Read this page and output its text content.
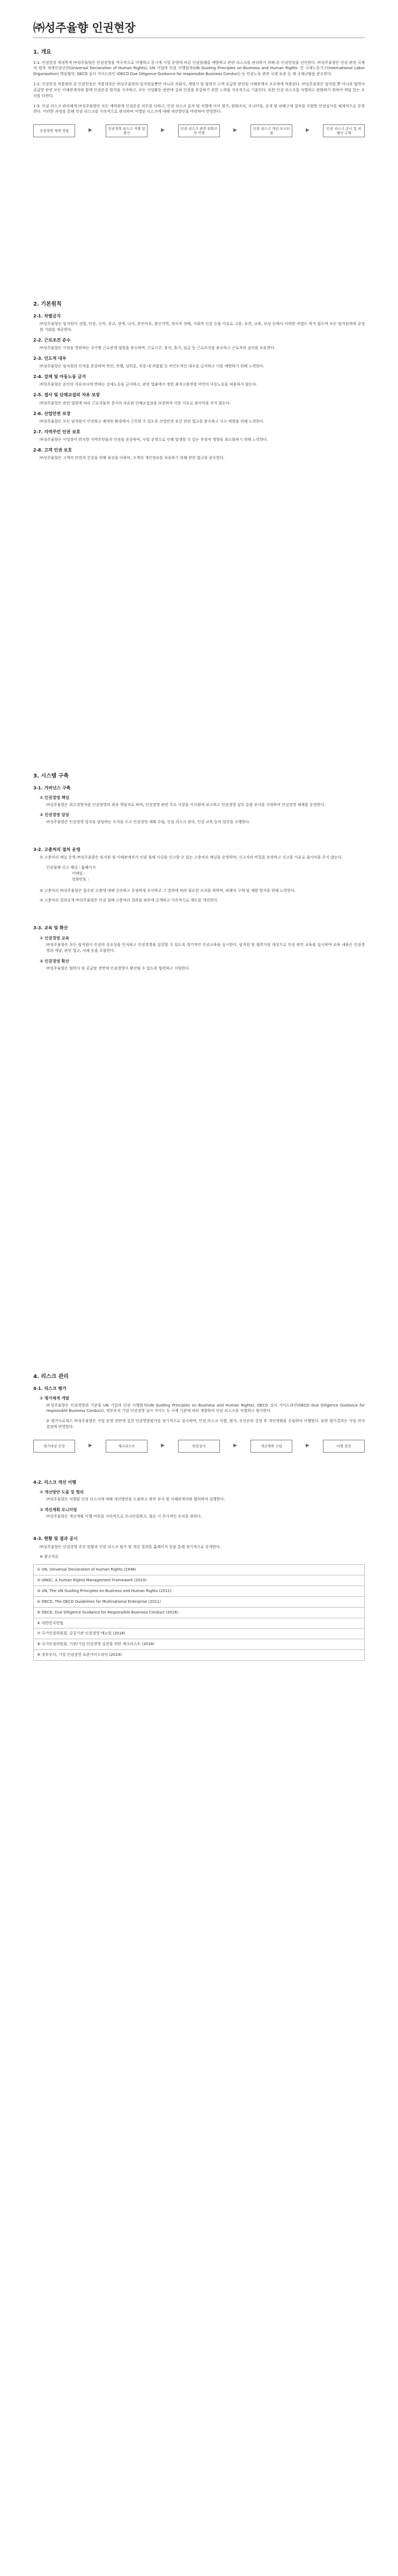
㈜성주율향 인권현장
1. 개요

1-1. 인권헌장 제정목적 ㈜성주율향은 인권경영을 적극적으로 이행하고 동시에 사업 운영에 따른 인권침해를 예방하고 관련 리스크를 관리하기 위해 본 인권헌장을 선언한다. ㈜성주율향은 인권 관련 국제적 원칙 세계인권선언(Universal Declaration of Human Rights), UN 기업과 인권 이행원칙(UN Guiding Principles on Business and Human Rights: 등 국제노동기구(International Labor Organization) 핵심협약, OECD 실사 가이드라인 (OECD Due Diligence Guidance for responsible Business Conduct) 등 인권노동 관련 국제 표준 등 제 국제규범을 준수한다.

1-2. 인권헌장 적용범위 본 인권헌장은 적용대상은 ㈜성주율향의 임직원들뿐만 아니라 자회사, 계열사 및 협력사 고객 공급망 관련된 이해관계자 모두에게 적용된다. ㈜성주율향은 임직원 뿐 아니라 협력사 공급망 관련 모든 이해관계자와 함께 인권존중 원칙을 지지하고, 모든 사업활동 전반에 걸쳐 인권을 존중하기 위한 노력을 지속적으로 기울인다. 또한 인권 리스크를 식별하고 완화하기 위하여 책임 있는 조치를 다한다.

1-3. 인권 리스크 관리체계 ㈜성주율향은 모든 계약관계 인권존중 의무를 다하고, 인권 리스크 분석 및 식별에 이어 평가, 완화조치, 모니터링, 공개 및 피해구제 절차를 포함한 인권실사를 체계적으로 운영한다. 이러한 과정을 통해 인권 리스크를 지속적으로 관리하며 식별된 리스크에 대해 개선방안을 마련하여 반영한다.

인권경영 체계 정립	▶	인권경영 리스크 식별 및 평가	▶	인권 리스크 관련 완화조치 이행	▶	인권 리스크 개선 모니터링	▶	인권 리스크 공시 및 피해자 구제
2. 기본원칙
2-1. 차별금지

㈜성주율향은 임직원이 성별, 인종, 국적, 종교, 장애, 나이, 혼인여부, 출신지역, 정치적 견해, 사회적 신분 등을 이유로 고용, 승진, 교육, 보상 등에서 어떠한 차별도 하지 않으며 모든 임직원에게 공정한 기회를 제공한다.

2-2. 근로조건 준수

㈜성주율향은 사업을 영위하는 국가별 근로관계 법령을 준수하며, 근로시간, 휴식, 휴가, 임금 등 근로조건을 준수하고 근로자의 권리를 보호한다.

2-3. 인도적 대우

㈜성주율향은 임직원의 인격을 존중하며 폭언, 폭행, 성희롱, 직장 내 괴롭힘 등 비인도적인 대우를 금지하고 이를 예방하기 위해 노력한다.

2-4. 강제 및 아동노동 금지

㈜성주율향은 본인의 자유의사에 반하는 강제노동을 금지하고, 관련 법률에서 정한 최저고용연령 미만의 아동노동을 허용하지 않는다.

2-5. 결사 및 단체교섭의 자유 보장

㈜성주율향은 관련 법령에 따라 근로자들의 결사의 자유와 단체교섭권을 보장하며 이를 이유로 불이익을 주지 않는다.

2-6. 산업안전 보장

㈜성주율향은 모든 임직원이 안전하고 쾌적한 환경에서 근무할 수 있도록 산업안전 보건 관련 법규를 준수하고 사고 예방을 위해 노력한다.

2-7. 지역주민 인권 보호

㈜성주율향은 사업장이 위치한 지역주민들의 인권을 존중하며, 사업 운영으로 인해 발생할 수 있는 부정적 영향을 최소화하기 위해 노력한다.

2-8. 고객 인권 보호

㈜성주율향은 고객의 안전과 건강을 위해 최선을 다하며, 고객의 개인정보를 보호하기 위해 관련 법규를 준수한다.

3. 시스템 구축
3-1. 거버넌스 구축
① 인권경영 책임

㈜성주율향은 최고경영자를 인권경영의 최종 책임자로 하며, 인권경영 관련 주요 사항을 이사회에 보고하고 인권경영 실무 총괄 부서를 지정하여 인권경영 체계를 운영한다.

② 인권경영 담당

㈜성주율향은 인권경영 업무를 담당하는 조직을 두고 인권경영 계획 수립, 인권 리스크 관리, 인권 교육 등의 업무를 수행한다.

3-2. 고충처리 절차 운영

① 고충처리 채널 운영 ㈜성주율향은 임직원 및 이해관계자가 인권 침해 사실을 신고할 수 있는 고충처리 채널을 운영하며, 신고자의 비밀을 보장하고 신고를 이유로 불이익을 주지 않는다.

인권침해 신고 채널 : 홈페이지
이메일 :
전화번호 :

② 고충처리 ㈜성주율향은 접수된 고충에 대해 신속하고 공정하게 조사하고 그 결과에 따라 필요한 조치를 취하며, 피해자 구제 및 재발 방지를 위해 노력한다.

③ 고충처리 결과공개 ㈜성주율향은 인권 침해 고충처리 결과를 외부에 공개하고 지속적으로 제도를 개선한다.

3-3. 교육 및 확산
① 인권경영 교육

㈜성주율향은 모든 임직원이 인권의 중요성을 인식하고 인권경영을 실천할 수 있도록 정기적인 인권교육을 실시한다. 임직원 및 협력사를 대상으로 인권 관련 교육을 실시하며 교육 내용은 인권경영의 개념, 관련 법규, 사례 등을 포함한다.

② 인권경영 확산

㈜성주율향은 협력사 및 공급망 전반에 인권경영이 확산될 수 있도록 협력하고 지원한다.

4. 리스크 관리
4-1. 리스크 평가
① 평가체계 개발

㈜성주율향은 인권경영의 기준을 UN 기업과 인권 이행원칙(UN Guiding Principles on Business and Human Rights), OECD 실사 가이드라인(OECD Due Diligence Guidance for responsible Business Conduct), 정부부처 기업 인권경영 실사 가이드 등 국제 기준에 따라 개발하여 인권 리스크를 식별하고 평가한다.

② 평가프로세스 ㈜성주율향은 사업 운영 전반에 걸친 인권영향평가를 정기적으로 실시하며, 인권 리스크 식별, 평가, 우선순위 결정 후 개선계획을 수립하여 이행한다. 또한 평가결과는 사업 의사결정에 반영한다.

평가대상 선정	▶	체크리스트	▶	현장실사	▶	개선계획 수립	▶	이행 점검
4-2. 리스크 개선 이행
① 개선방안 도출 및 협의

㈜성주율향은 식별된 인권 리스크에 대해 개선방안을 도출하고 관련 부서 및 이해관계자와 협의하여 실행한다.

② 개선계획 모니터링

㈜성주율향은 개선계획 이행 여부를 지속적으로 모니터링하고, 필요 시 추가적인 조치를 취한다.

4-3. 현황 및 결과 공시

㈜성주율향은 인권경영 추진 현황과 인권 리스크 평가 및 개선 결과를 홈페이지 등을 통해 정기적으로 공개한다.

※ 참고자료

① UN, Universal Declaration of Human Rights (1948)
② UNGC, A human Rights Management Framework (2010)
③ UN, The UN Guiding Principles on Business and Human Rights (2011)
④ OECD, The OECD Guidelines for Multinational Enterprise (2011)
⑤ OECD, Due Diligence Guidance for Responsible Business Conduct (2018)
⑥ 대한민국헌법
⑦ 국가인권위원회, 공공기관 인권경영 매뉴얼 (2018)
⑧ 국가인권위원회, 기관/기업 인권경영 실천을 위한 체크리스트 (2018)
⑨ 정부부처, 기업 인권경영 표준가이드라인 (2019)
